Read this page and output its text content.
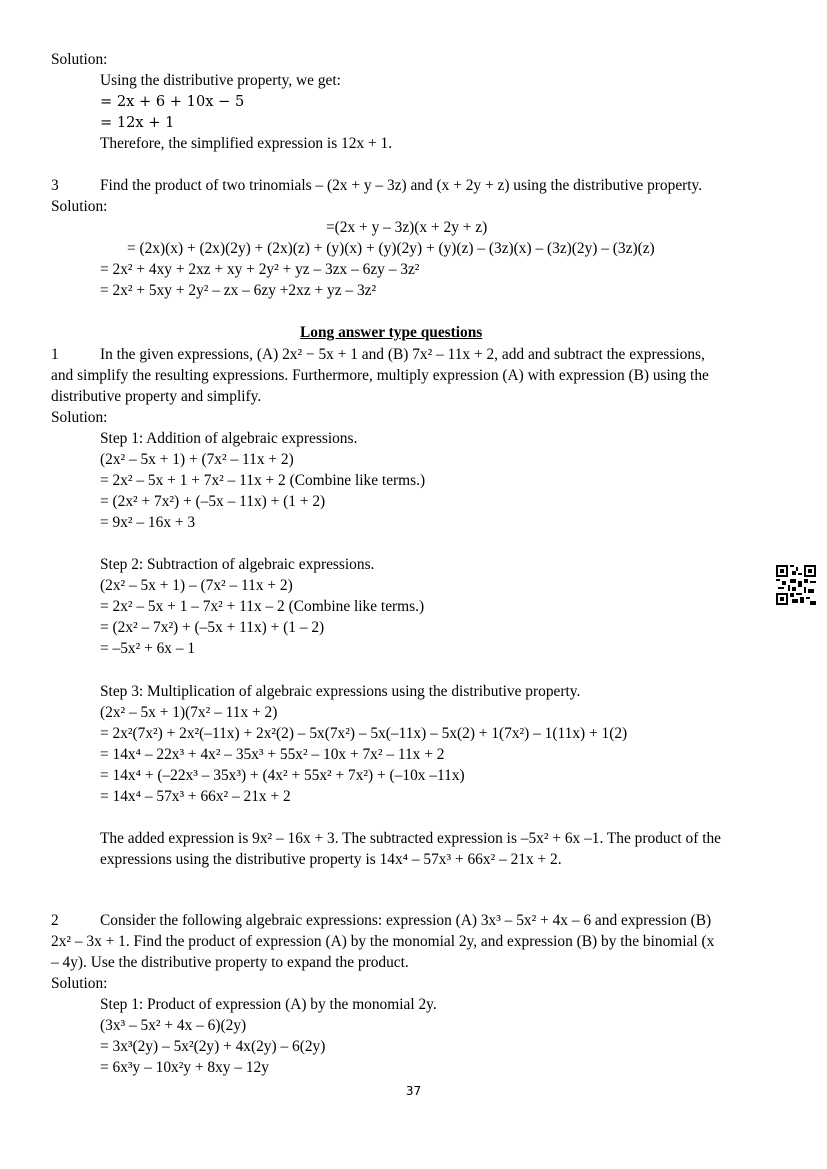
Solution:
Using the distributive property, we get:
= 2x + 6 + 10x − 5
= 12x + 1
Therefore, the simplified expression is 12x + 1.
3	Find the product of two trinomials – (2x + y – 3z) and (x + 2y + z) using the distributive property.
Solution:
=(2x + y – 3z)(x + 2y + z)
= (2x)(x) + (2x)(2y) + (2x)(z) + (y)(x) + (y)(2y) + (y)(z) – (3z)(x) – (3z)(2y) – (3z)(z)
= 2x² + 4xy + 2xz + xy + 2y² + yz – 3zx – 6zy – 3z²
= 2x² + 5xy + 2y² – zx – 6zy +2xz + yz – 3z²
Long answer type questions
1	In the given expressions, (A) 2x² − 5x + 1 and (B) 7x² – 11x + 2, add and subtract the expressions,
and simplify the resulting expressions. Furthermore, multiply expression (A) with expression (B) using the
distributive property and simplify.
Solution:
Step 1: Addition of algebraic expressions.
(2x² – 5x + 1) + (7x² – 11x + 2)
= 2x² – 5x + 1 + 7x² – 11x + 2 (Combine like terms.)
= (2x² + 7x²) + (–5x – 11x) + (1 + 2)
= 9x² – 16x + 3
Step 2: Subtraction of algebraic expressions.
(2x² – 5x + 1) – (7x² – 11x + 2)
= 2x² – 5x + 1 – 7x² + 11x – 2 (Combine like terms.)
= (2x² – 7x²) + (–5x + 11x) + (1 – 2)
= –5x² + 6x – 1
Step 3: Multiplication of algebraic expressions using the distributive property.
(2x² – 5x + 1)(7x² – 11x + 2)
= 2x²(7x²) + 2x²(–11x) + 2x²(2) – 5x(7x²) – 5x(–11x) – 5x(2) + 1(7x²) – 1(11x) + 1(2)
= 14x⁴ – 22x³ + 4x² – 35x³ + 55x² – 10x + 7x² – 11x + 2
= 14x⁴ + (–22x³ – 35x³) + (4x² + 55x² + 7x²) + (–10x –11x)
= 14x⁴ – 57x³ + 66x² – 21x + 2
The added expression is 9x² – 16x + 3. The subtracted expression is –5x² + 6x –1. The product of the
expressions using the distributive property is 14x⁴ – 57x³ + 66x² – 21x + 2.
2	Consider the following algebraic expressions: expression (A) 3x³ – 5x² + 4x – 6 and expression (B)
2x² – 3x + 1. Find the product of expression (A) by the monomial 2y, and expression (B) by the binomial (x
– 4y). Use the distributive property to expand the product.
Solution:
Step 1: Product of expression (A) by the monomial 2y.
(3x³ – 5x² + 4x – 6)(2y)
= 3x³(2y) – 5x²(2y) + 4x(2y) – 6(2y)
= 6x³y – 10x²y + 8xy – 12y
37
